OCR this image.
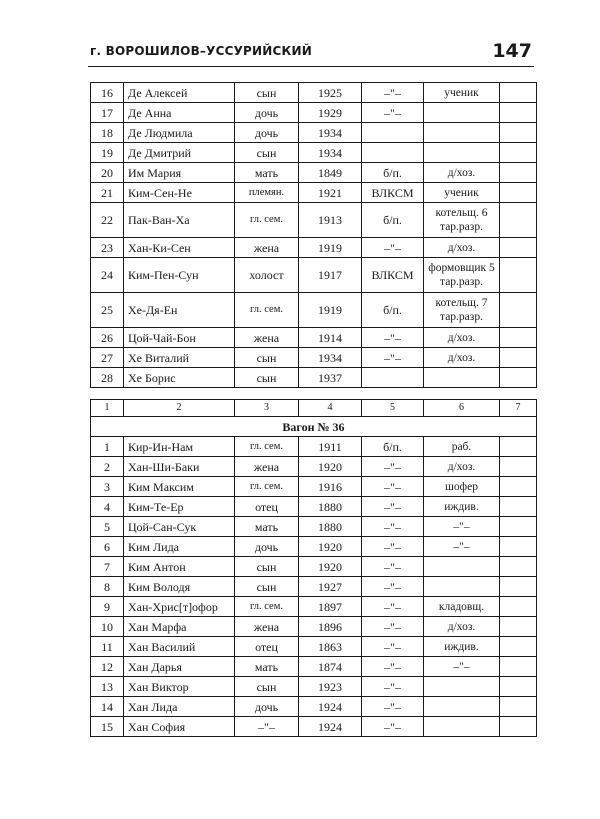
г. ВОРОШИЛОВ–УССУРИЙСКИЙ	147
16	Де Алексей	сын	1925	–"–	ученик	
17	Де Анна	дочь	1929	–"–		
18	Де Людмила	дочь	1934			
19	Де Дмитрий	сын	1934			
20	Им Мария	мать	1849	б/п.	д/хоз.	
21	Ким-Сен-Не	племян.	1921	ВЛКСМ	ученик	
22	Пак-Ван-Ха	гл. сем.	1913	б/п.	котельщ. 6 тар.разр.	
23	Хан-Ки-Сен	жена	1919	–"–	д/хоз.	
24	Ким-Пен-Сун	холост	1917	ВЛКСМ	формовщик 5 тар.разр.	
25	Хе-Дя-Ен	гл. сем.	1919	б/п.	котельщ. 7 тар.разр.	
26	Цой-Чай-Бон	жена	1914	–"–	д/хоз.	
27	Хе Виталий	сын	1934	–"–	д/хоз.	
28	Хе Борис	сын	1937			
1	2	3	4	5	6	7
Вагон № 36						
1	Кир-Ин-Нам	гл. сем.	1911	б/п.	раб.	
2	Хан-Ши-Баки	жена	1920	–"–	д/хоз.	
3	Ким Максим	гл. сем.	1916	–"–	шофер	
4	Ким-Те-Ер	отец	1880	–"–	иждив.	
5	Цой-Сан-Сук	мать	1880	–"–	–"–	
6	Ким Лида	дочь	1920	–"–	–"–	
7	Ким Антон	сын	1920	–"–		
8	Ким Володя	сын	1927	–"–		
9	Хан-Хрис[т]офор	гл. сем.	1897	–"–	кладовщ.	
10	Хан Марфа	жена	1896	–"–	д/хоз.	
11	Хан Василий	отец	1863	–"–	иждив.	
12	Хан Дарья	мать	1874	–"–	–"–	
13	Хан Виктор	сын	1923	–"–		
14	Хан Лида	дочь	1924	–"–		
15	Хан София	–"–	1924	–"–		
